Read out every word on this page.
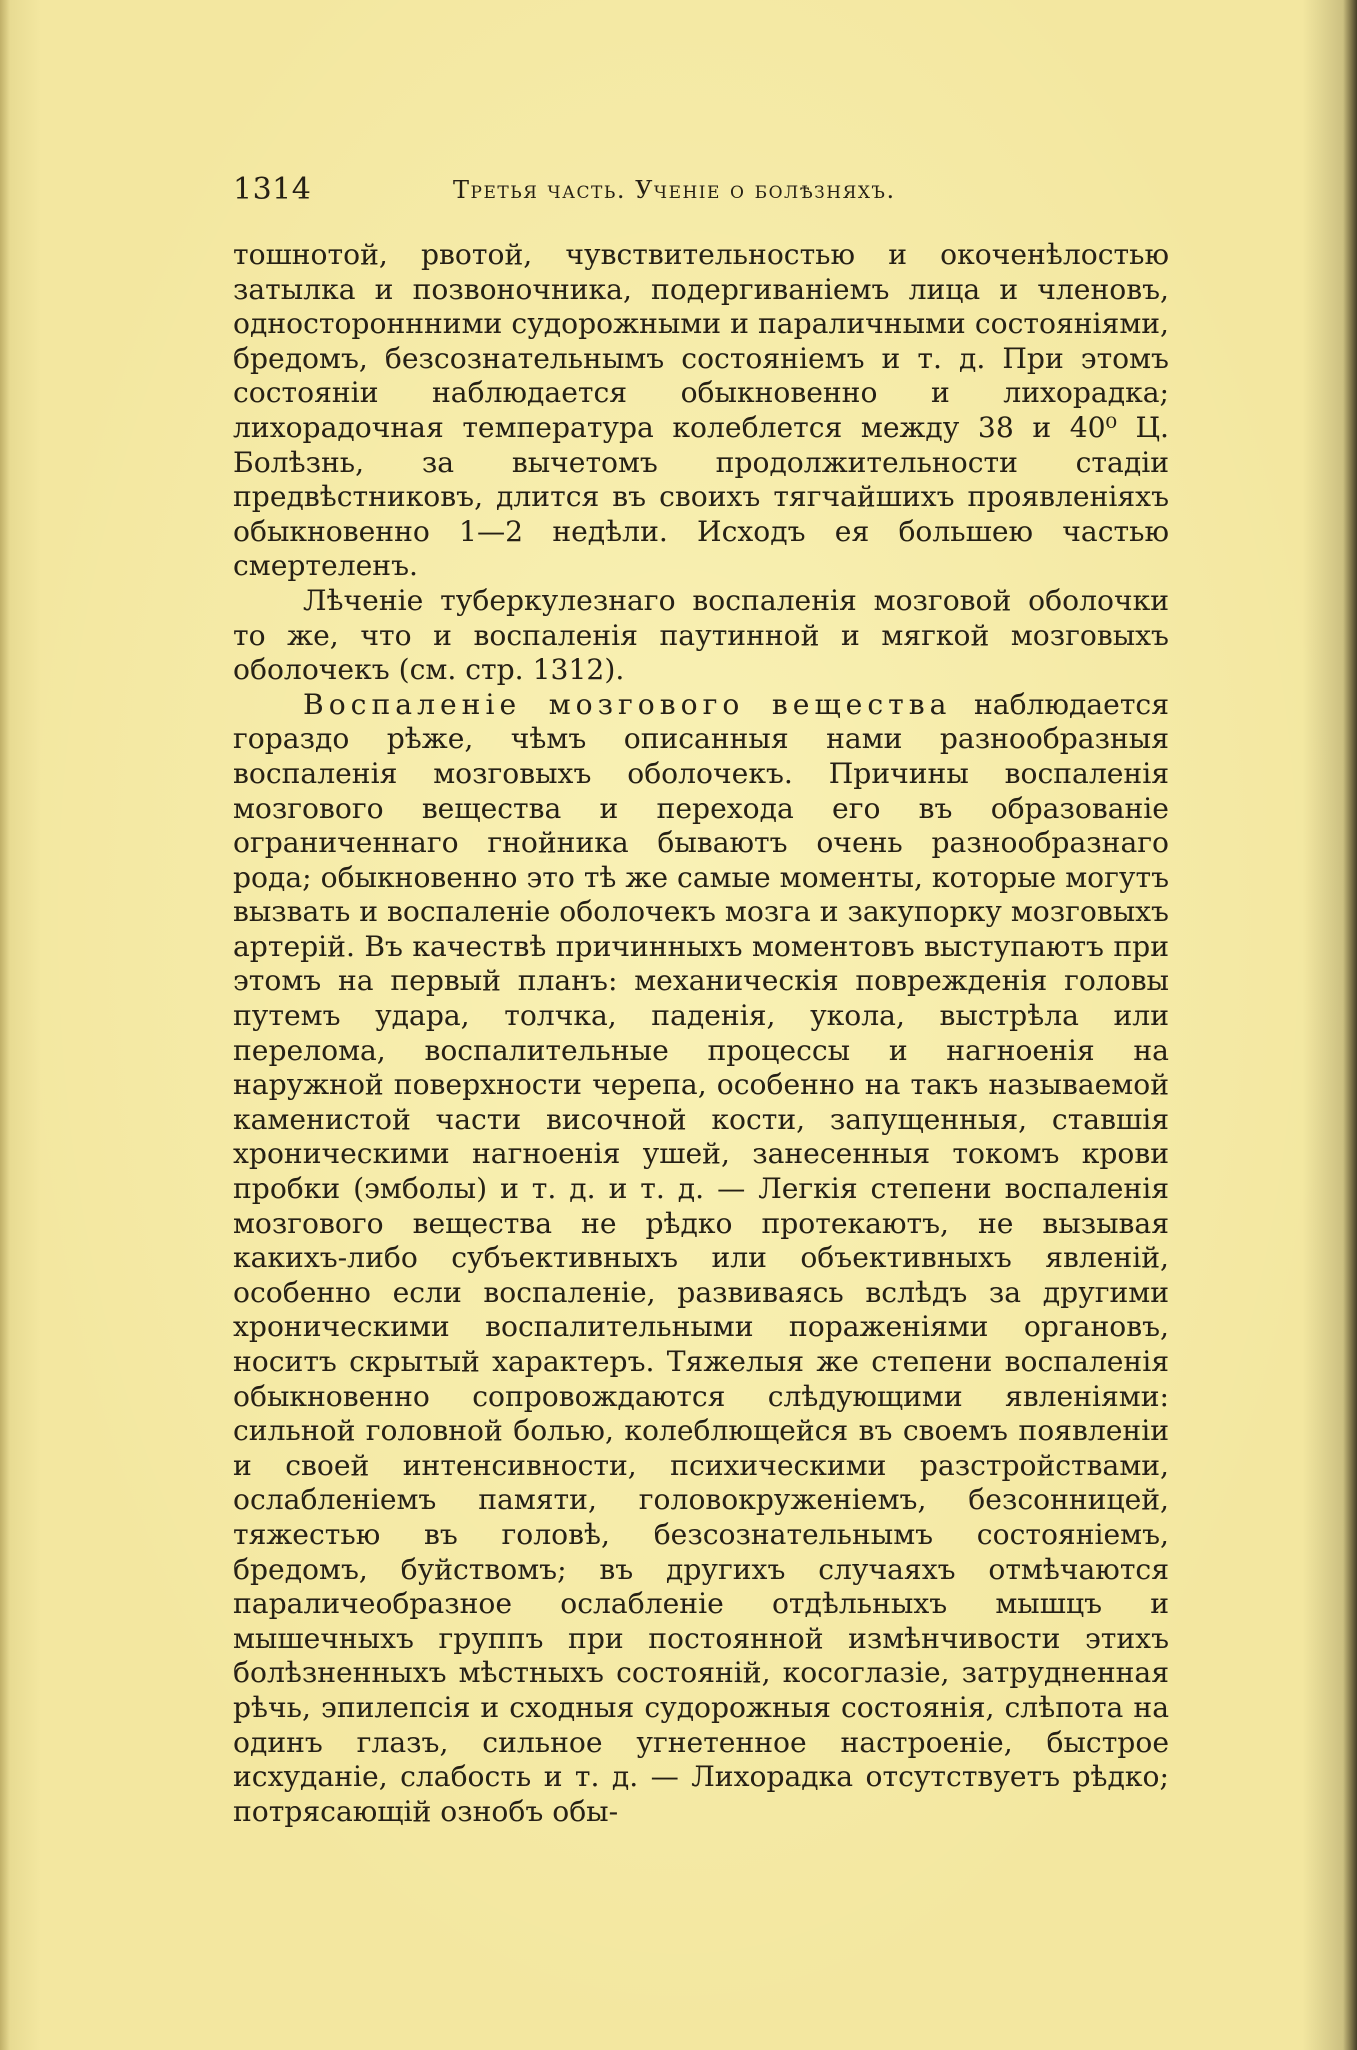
1314	Третья часть. Ученіе о болѣзняхъ.

тошнотой, рвотой, чувствительностью и окоченѣлостью затылка и позвоночника, подергиваніемъ лица и членовъ, одностороннними судорожными и параличными состояніями, бредомъ, безсознательнымъ состояніемъ и т. д. При этомъ состояніи наблюдается обыкновенно и лихорадка; лихорадочная температура колеблется между 38 и 40⁰ Ц. Болѣзнь, за вычетомъ продолжительности стадіи предвѣстниковъ, длится въ своихъ тягчайшихъ проявленіяхъ обыкновенно 1—2 недѣли. Исходъ ея большею частью смертеленъ.

Лѣченіе туберкулезнаго воспаленія мозговой оболочки то же, что и воспаленія паутинной и мягкой мозговыхъ оболочекъ (см. стр. 1312).

Воспаленіе мозгового вещества наблюдается гораздо рѣже, чѣмъ описанныя нами разнообразныя воспаленія мозговыхъ оболочекъ. Причины воспаленія мозгового вещества и перехода его въ образованіе ограниченнаго гнойника бываютъ очень разнообразнаго рода; обыкновенно это тѣ же самые моменты, которые могутъ вызвать и воспаленіе оболочекъ мозга и закупорку мозговыхъ артерій. Въ качествѣ причинныхъ моментовъ выступаютъ при этомъ на первый планъ: механическія поврежденія головы путемъ удара, толчка, паденія, укола, выстрѣла или перелома, воспалительные процессы и нагноенія на наружной поверхности черепа, особенно на такъ называемой каменистой части височной кости, запущенныя, ставшія хроническими нагноенія ушей, занесенныя токомъ крови пробки (эмболы) и т. д. и т. д. — Легкія степени воспаленія мозгового вещества не рѣдко протекаютъ, не вызывая какихъ-либо субъективныхъ или объективныхъ явленій, особенно если воспаленіе, развиваясь вслѣдъ за другими хроническими воспалительными пораженіями органовъ, носитъ скрытый характеръ. Тяжелыя же степени воспаленія обыкновенно сопровождаются слѣдующими явленіями: сильной головной болью, колеблющейся въ своемъ появленіи и своей интенсивности, психическими разстройствами, ослабленіемъ памяти, головокруженіемъ, безсонницей, тяжестью въ головѣ, безсознательнымъ состояніемъ, бредомъ, буйствомъ; въ другихъ случаяхъ отмѣчаются параличеобразное ослабленіе отдѣльныхъ мышцъ и мышечныхъ группъ при постоянной измѣнчивости этихъ болѣзненныхъ мѣстныхъ состояній, косоглазіе, затрудненная рѣчь, эпилепсія и сходныя судорожныя состоянія, слѣпота на одинъ глазъ, сильное угнетенное настроеніе, быстрое исхуданіе, слабость и т. д. — Лихорадка отсутствуетъ рѣдко; потрясающій ознобъ обы-
